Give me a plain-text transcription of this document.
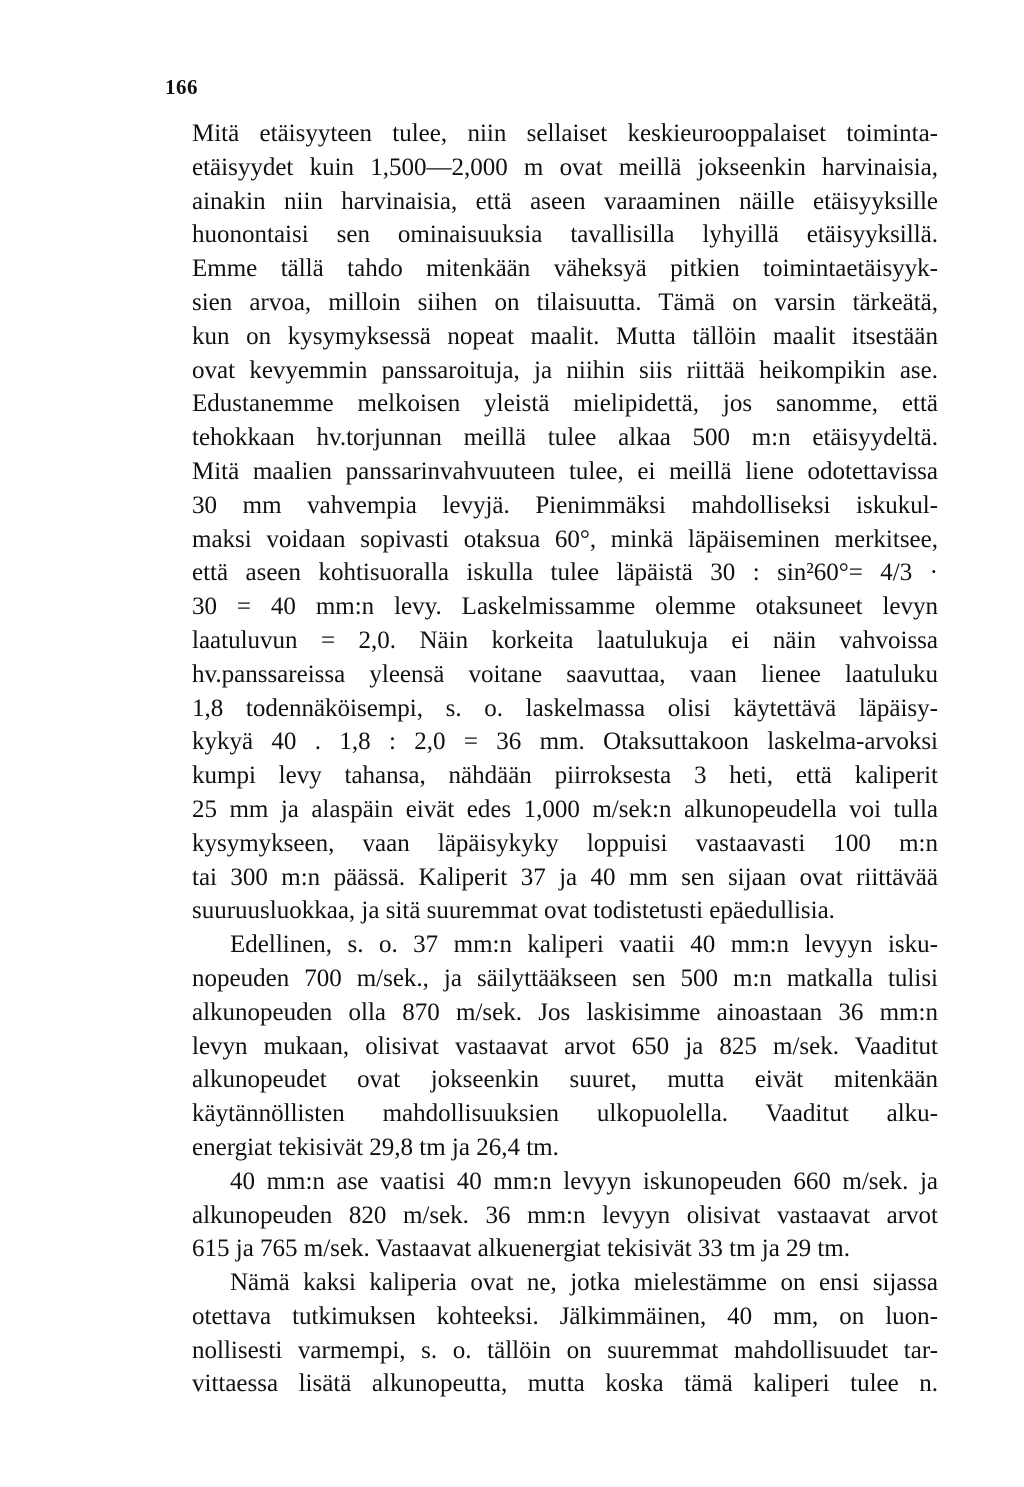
166
Mitä etäisyyteen tulee, niin sellaiset keskieurooppalaiset toiminta-
etäisyydet kuin 1,500—2,000 m ovat meillä jokseenkin harvinaisia,
ainakin niin harvinaisia, että aseen varaaminen näille etäisyyksille
huonontaisi sen ominaisuuksia tavallisilla lyhyillä etäisyyksillä.
Emme tällä tahdo mitenkään väheksyä pitkien toimintaetäisyyk-
sien arvoa, milloin siihen on tilaisuutta. Tämä on varsin tärkeätä,
kun on kysymyksessä nopeat maalit. Mutta tällöin maalit itsestään
ovat kevyemmin panssaroituja, ja niihin siis riittää heikompikin ase.
Edustanemme melkoisen yleistä mielipidettä, jos sanomme, että
tehokkaan hv.torjunnan meillä tulee alkaa 500 m:n etäisyydeltä.
Mitä maalien panssarinvahvuuteen tulee, ei meillä liene odotettavissa
30 mm vahvempia levyjä. Pienimmäksi mahdolliseksi iskukul-
maksi voidaan sopivasti otaksua 60°, minkä läpäiseminen merkitsee,
että aseen kohtisuoralla iskulla tulee läpäistä 30 : sin²60°= 4/3 ·
30 = 40 mm:n levy. Laskelmissamme olemme otaksuneet levyn
laatuluvun = 2,0. Näin korkeita laatulukuja ei näin vahvoissa
hv.panssareissa yleensä voitane saavuttaa, vaan lienee laatuluku
1,8 todennäköisempi, s. o. laskelmassa olisi käytettävä läpäisy-
kykyä 40 . 1,8 : 2,0 = 36 mm. Otaksuttakoon laskelma-arvoksi
kumpi levy tahansa, nähdään piirroksesta 3 heti, että kaliperit
25 mm ja alaspäin eivät edes 1,000 m/sek:n alkunopeudella voi tulla
kysymykseen, vaan läpäisykyky loppuisi vastaavasti 100 m:n
tai 300 m:n päässä. Kaliperit 37 ja 40 mm sen sijaan ovat riittävää
suuruusluokkaa, ja sitä suuremmat ovat todistetusti epäedullisia.
Edellinen, s. o. 37 mm:n kaliperi vaatii 40 mm:n levyyn isku-
nopeuden 700 m/sek., ja säilyttääkseen sen 500 m:n matkalla tulisi
alkunopeuden olla 870 m/sek. Jos laskisimme ainoastaan 36 mm:n
levyn mukaan, olisivat vastaavat arvot 650 ja 825 m/sek. Vaaditut
alkunopeudet ovat jokseenkin suuret, mutta eivät mitenkään
käytännöllisten mahdollisuuksien ulkopuolella. Vaaditut alku-
energiat tekisivät 29,8 tm ja 26,4 tm.
40 mm:n ase vaatisi 40 mm:n levyyn iskunopeuden 660 m/sek. ja
alkunopeuden 820 m/sek. 36 mm:n levyyn olisivat vastaavat arvot
615 ja 765 m/sek. Vastaavat alkuenergiat tekisivät 33 tm ja 29 tm.
Nämä kaksi kaliperia ovat ne, jotka mielestämme on ensi sijassa
otettava tutkimuksen kohteeksi. Jälkimmäinen, 40 mm, on luon-
nollisesti varmempi, s. o. tällöin on suuremmat mahdollisuudet tar-
vittaessa lisätä alkunopeutta, mutta koska tämä kaliperi tulee n.
